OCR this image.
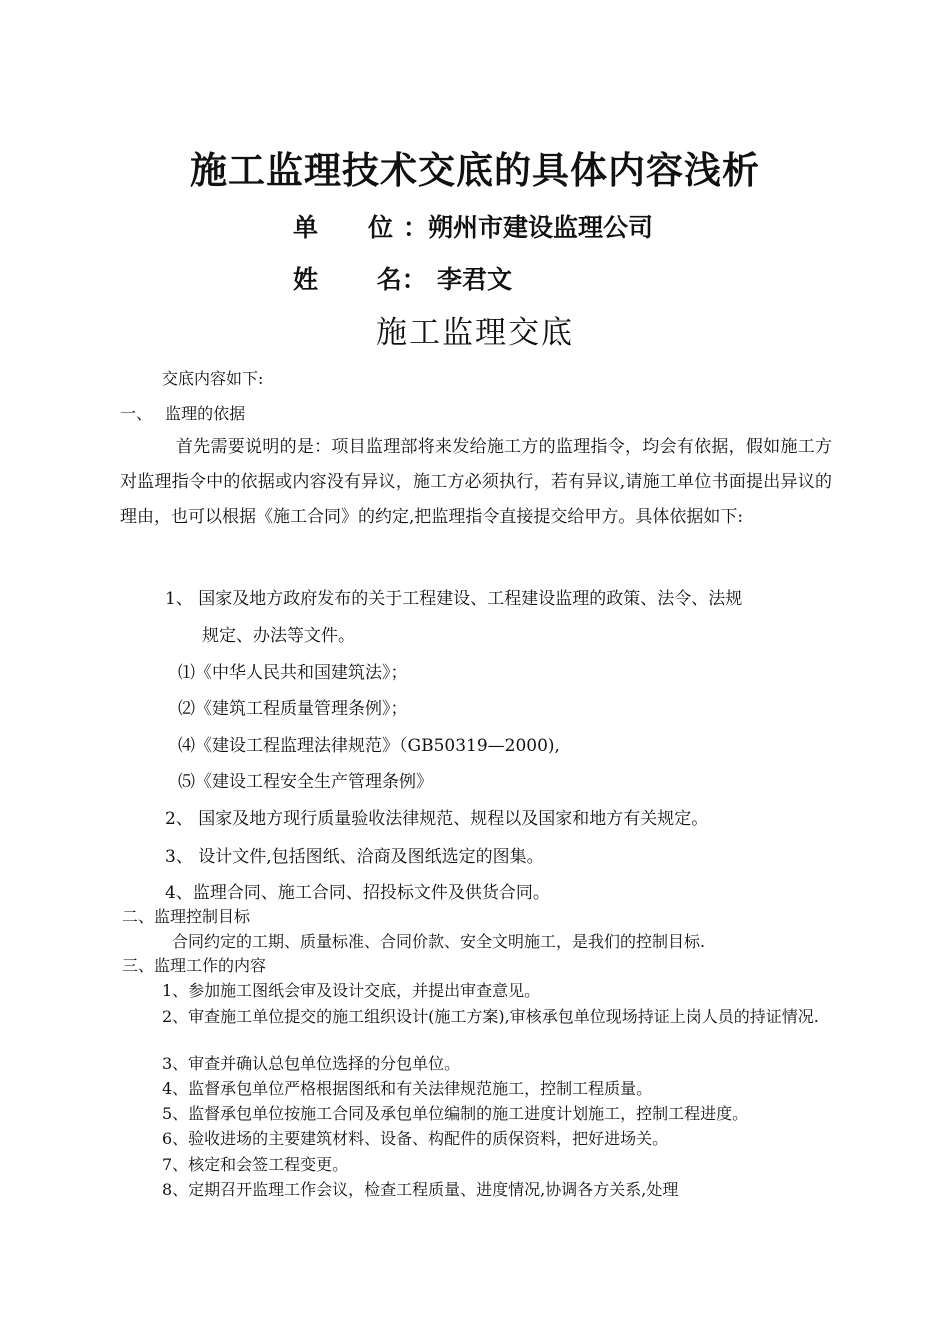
施工监理技术交底的具体内容浅析
单　　位 ：朔州市建设监理公司
姓　　 名： 李君文
施工监理交底
交底内容如下:
一、　 监理的依据
首先需要说明的是：项目监理部将来发给施工方的监理指令，均会有依据，假如施工方对监理指令中的依据或内容没有异议，施工方必须执行，若有异议,请施工单位书面提出异议的理由，也可以根据《施工合同》的约定,把监理指令直接提交给甲方。具体依据如下:
1、 国家及地方政府发布的关于工程建设、工程建设监理的政策、法令、法规
规定、办法等文件。
⑴《中华人民共和国建筑法》；
⑵《建筑工程质量管理条例》；
⑷《建设工程监理法律规范》（GB50319—2000),
⑸《建设工程安全生产管理条例》
2、 国家及地方现行质量验收法律规范、规程以及国家和地方有关规定。
3、 设计文件,包括图纸、洽商及图纸选定的图集。
4、监理合同、施工合同、招投标文件及供货合同。
二、监理控制目标
合同约定的工期、质量标准、合同价款、安全文明施工，是我们的控制目标.
三、监理工作的内容
1、参加施工图纸会审及设计交底，并提出审查意见。
2、审查施工单位提交的施工组织设计(施工方案),审核承包单位现场持证上岗人员的持证情况.
3、审查并确认总包单位选择的分包单位。
4、监督承包单位严格根据图纸和有关法律规范施工，控制工程质量。
5、监督承包单位按施工合同及承包单位编制的施工进度计划施工，控制工程进度。
6、验收进场的主要建筑材料、设备、构配件的质保资料，把好进场关。
7、核定和会签工程变更。
8、定期召开监理工作会议，检查工程质量、进度情况,协调各方关系,处理
